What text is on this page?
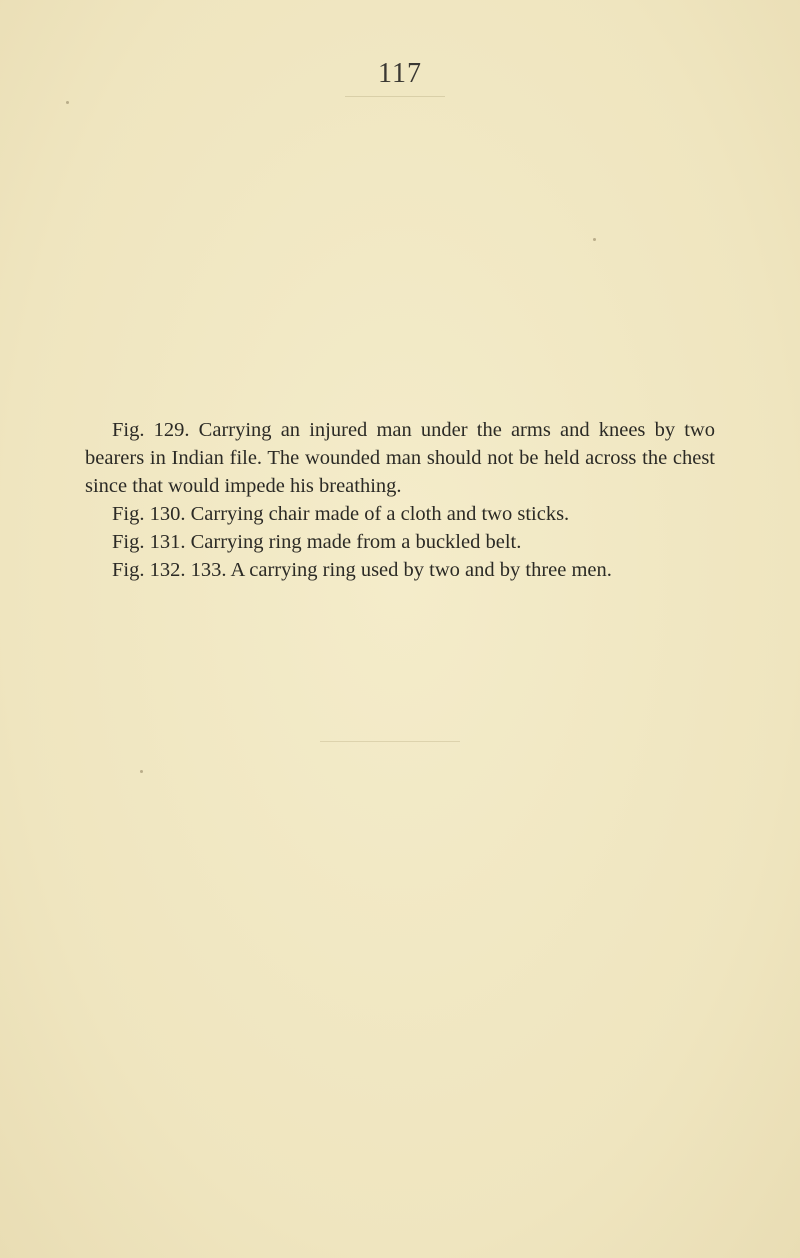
117

Fig. 129. Carrying an injured man under the arms and knees by two bearers in Indian file. The wounded man should not be held across the chest since that would impede his breathing.

Fig. 130. Carrying chair made of a cloth and two sticks.

Fig. 131. Carrying ring made from a buckled belt.

Fig. 132. 133. A carrying ring used by two and by three men.
